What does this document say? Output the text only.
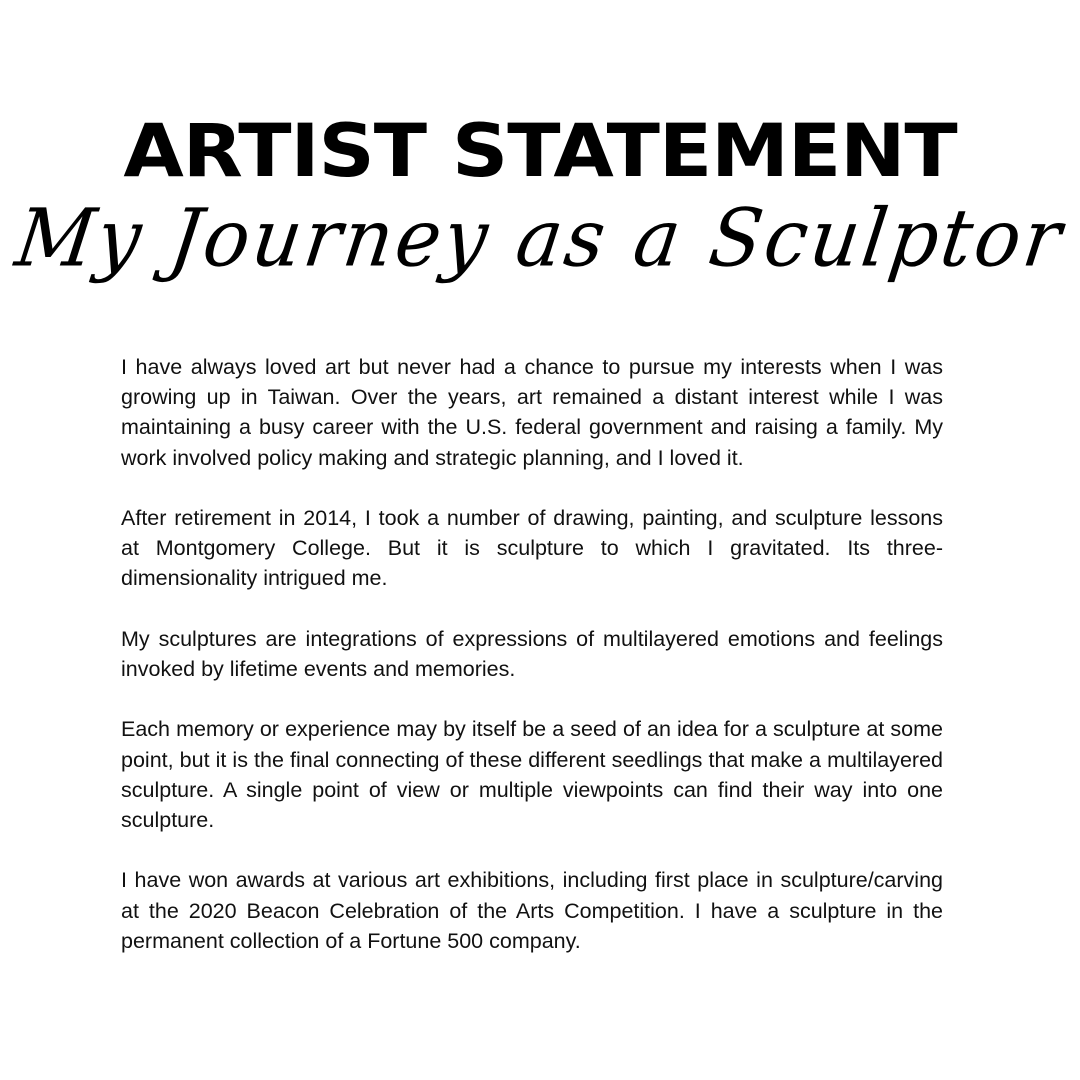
ARTIST STATEMENT
My Journey as a Sculptor

I have always loved art but never had a chance to pursue my interests when I was growing up in Taiwan. Over the years, art remained a distant interest while I was maintaining a busy career with the U.S. federal government and raising a family. My work involved policy making and strategic planning, and I loved it.

After retirement in 2014, I took a number of drawing, painting, and sculpture lessons at Montgomery College. But it is sculpture to which I gravitated. Its three-dimensionality intrigued me.

My sculptures are integrations of expressions of multilayered emotions and feelings invoked by lifetime events and memories.

Each memory or experience may by itself be a seed of an idea for a sculpture at some point, but it is the final connecting of these different seedlings that make a multilayered sculpture. A single point of view or multiple viewpoints can find their way into one sculpture.

I have won awards at various art exhibitions, including first place in sculpture/carving at the 2020 Beacon Celebration of the Arts Competition. I have a sculpture in the permanent collection of a Fortune 500 company.
